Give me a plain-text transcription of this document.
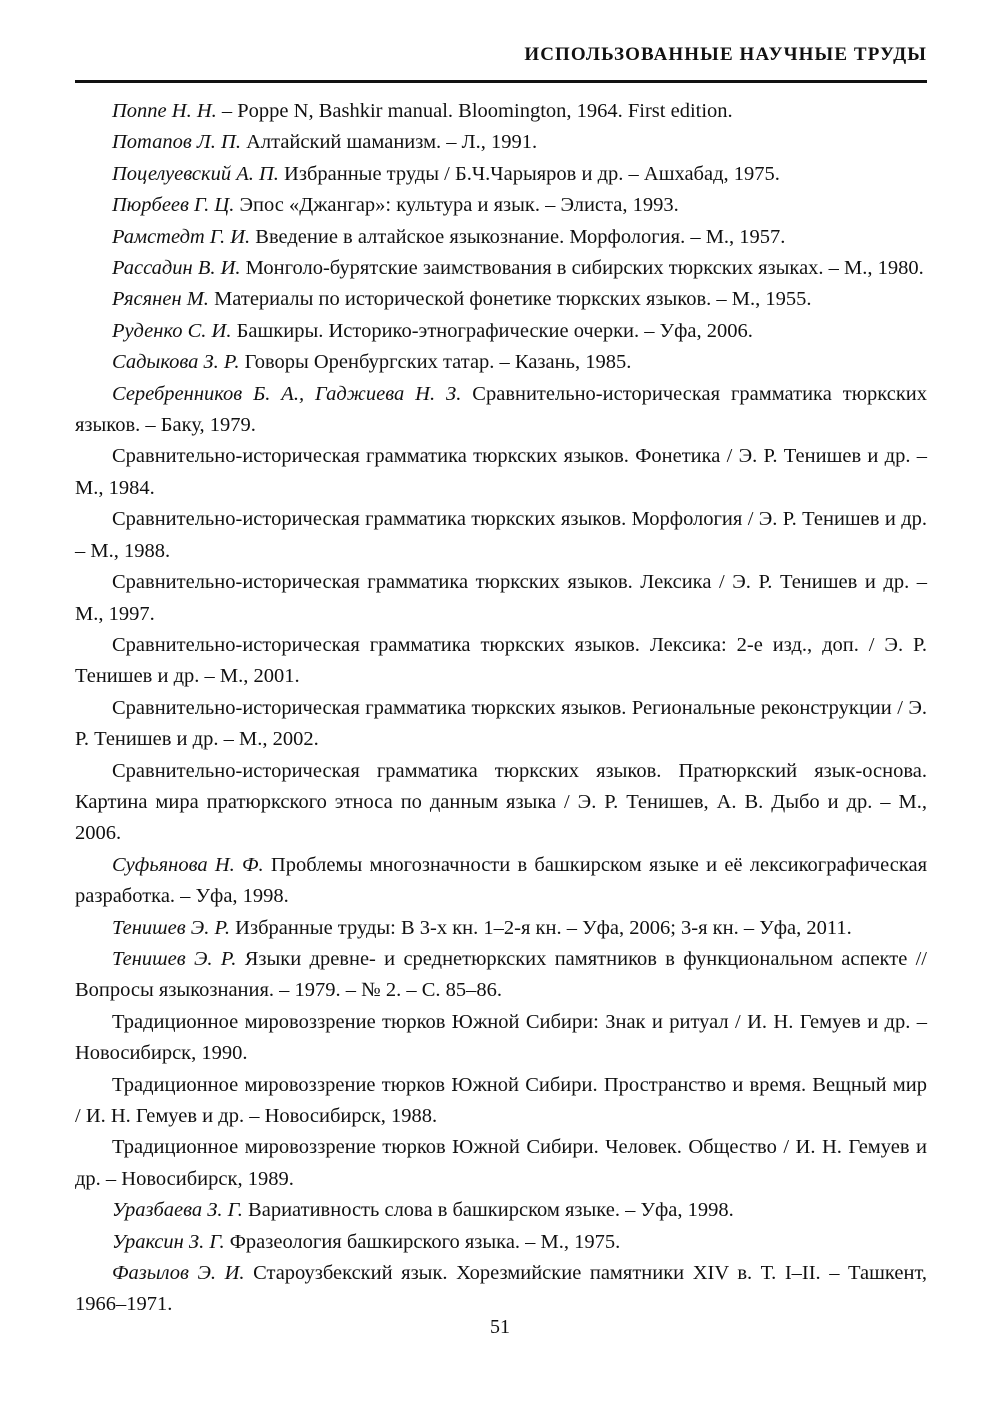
ИСПОЛЬЗОВАННЫЕ НАУЧНЫЕ ТРУДЫ

Поппе Н. Н. – Poppe N, Bashkir manual. Bloomington, 1964. First edition.

Потапов Л. П. Алтайский шаманизм. – Л., 1991.

Поцелуевский А. П. Избранные труды / Б.Ч.Чарыяров и др. – Ашхабад, 1975.

Пюрбеев Г. Ц. Эпос «Джангар»: культура и язык. – Элиста, 1993.

Рамстедт Г. И. Введение в алтайское языкознание. Морфология. – М., 1957.

Рассадин В. И. Монголо-бурятские заимствования в сибирских тюркских языках. – М., 1980.

Рясянен М. Материалы по исторической фонетике тюркских языков. – М., 1955.

Руденко С. И. Башкиры. Историко-этнографические очерки. – Уфа, 2006.

Садыкова З. Р. Говоры Оренбургских татар. – Казань, 1985.

Серебренников Б. А., Гаджиева Н. З. Сравнительно-историческая грамматика тюркских языков. – Баку, 1979.

Сравнительно-историческая грамматика тюркских языков. Фонетика / Э. Р. Тенишев и др. – М., 1984.

Сравнительно-историческая грамматика тюркских языков. Морфология / Э. Р. Тенишев и др. – М., 1988.

Сравнительно-историческая грамматика тюркских языков. Лексика / Э. Р. Тенишев и др. – М., 1997.

Сравнительно-историческая грамматика тюркских языков. Лексика: 2-е изд., доп. / Э. Р. Тенишев и др. – М., 2001.

Сравнительно-историческая грамматика тюркских языков. Региональные реконструкции / Э. Р. Тенишев и др. – М., 2002.

Сравнительно-историческая грамматика тюркских языков. Пратюркский язык-основа. Картина мира пратюркского этноса по данным языка / Э. Р. Тенишев, А. В. Дыбо и др. – М., 2006.

Суфьянова Н. Ф. Проблемы многозначности в башкирском языке и её лексикографическая разработка. – Уфа, 1998.

Тенишев Э. Р. Избранные труды: В 3-х кн. 1–2-я кн. – Уфа, 2006; 3-я кн. – Уфа, 2011.

Тенишев Э. Р. Языки древне- и среднетюркских памятников в функциональном аспекте // Вопросы языкознания. – 1979. – № 2. – С. 85–86.

Традиционное мировоззрение тюрков Южной Сибири: Знак и ритуал / И. Н. Гемуев и др. – Новосибирск, 1990.

Традиционное мировоззрение тюрков Южной Сибири. Пространство и время. Вещный мир / И. Н. Гемуев и др. – Новосибирск, 1988.

Традиционное мировоззрение тюрков Южной Сибири. Человек. Общество / И. Н. Гемуев и др. – Новосибирск, 1989.

Уразбаева З. Г. Вариативность слова в башкирском языке. – Уфа, 1998.

Ураксин З. Г. Фразеология башкирского языка. – М., 1975.

Фазылов Э. И. Староузбекский язык. Хорезмийские памятники XIV в. Т. I–II. – Ташкент, 1966–1971.

51
